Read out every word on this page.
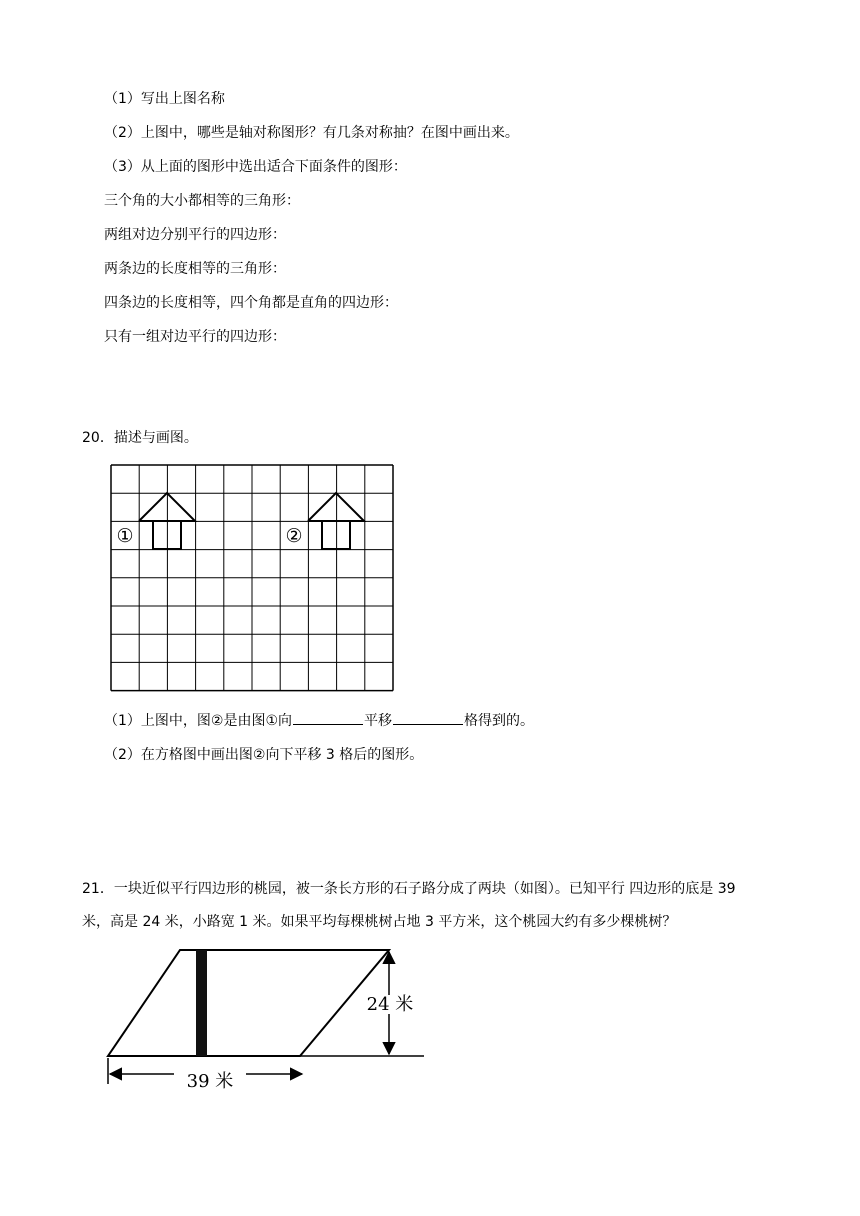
（1）写出上图名称
（2）上图中，哪些是轴对称图形？有几条对称抽？在图中画出来。
（3）从上面的图形中选出适合下面条件的图形：
三个角的大小都相等的三角形：
两组对边分别平行的四边形：
两条边的长度相等的三角形：
四条边的长度相等，四个角都是直角的四边形：
只有一组对边平行的四边形：
20．描述与画图。
①	②
（1）上图中，图②是由图①向	平移	格得到的。
（2）在方格图中画出图②向下平移 3 格后的图形。
21．一块近似平行四边形的桃园，被一条长方形的石子路分成了两块（如图）。已知平行 四边形的底是 39
米，高是 24 米，小路宽 1 米。如果平均每棵桃树占地 3 平方米，这个桃园大约有多少棵桃树？
24 米
39 米
